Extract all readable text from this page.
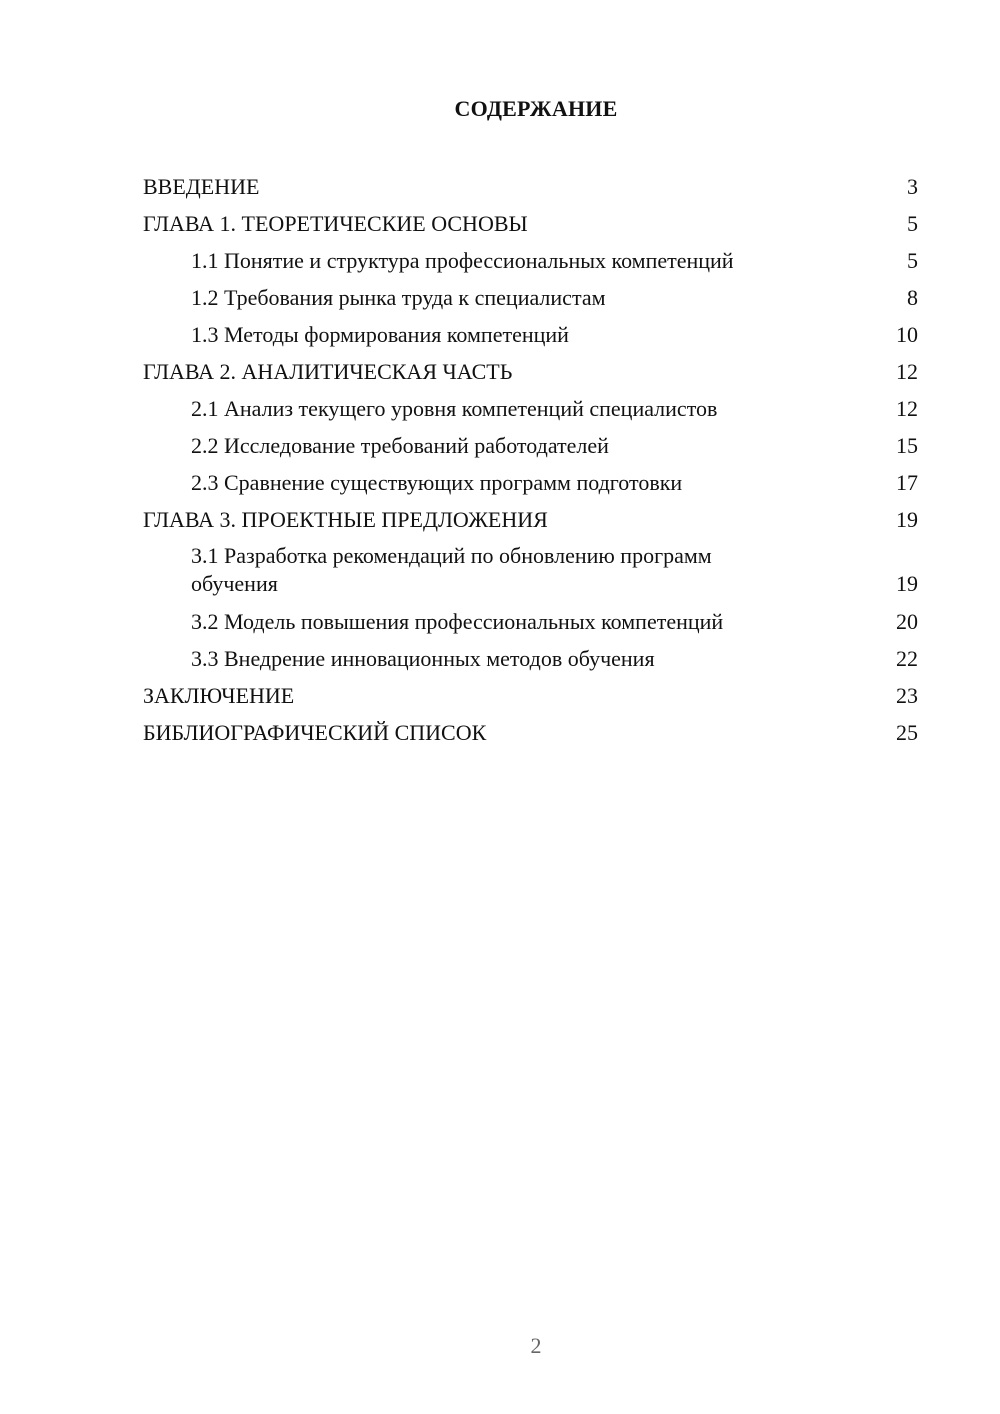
СОДЕРЖАНИЕ
ВВЕДЕНИЕ	3
ГЛАВА 1. ТЕОРЕТИЧЕСКИЕ ОСНОВЫ	5
1.1 Понятие и структура профессиональных компетенций	5
1.2 Требования рынка труда к специалистам	8
1.3 Методы формирования компетенций	10
ГЛАВА 2. АНАЛИТИЧЕСКАЯ ЧАСТЬ	12
2.1 Анализ текущего уровня компетенций специалистов	12
2.2 Исследование требований работодателей	15
2.3 Сравнение существующих программ подготовки	17
ГЛАВА 3. ПРОЕКТНЫЕ ПРЕДЛОЖЕНИЯ	19
3.1 Разработка рекомендаций по обновлению программ
обучения	19
3.2 Модель повышения профессиональных компетенций	20
3.3 Внедрение инновационных методов обучения	22
ЗАКЛЮЧЕНИЕ	23
БИБЛИОГРАФИЧЕСКИЙ СПИСОК	25
2
